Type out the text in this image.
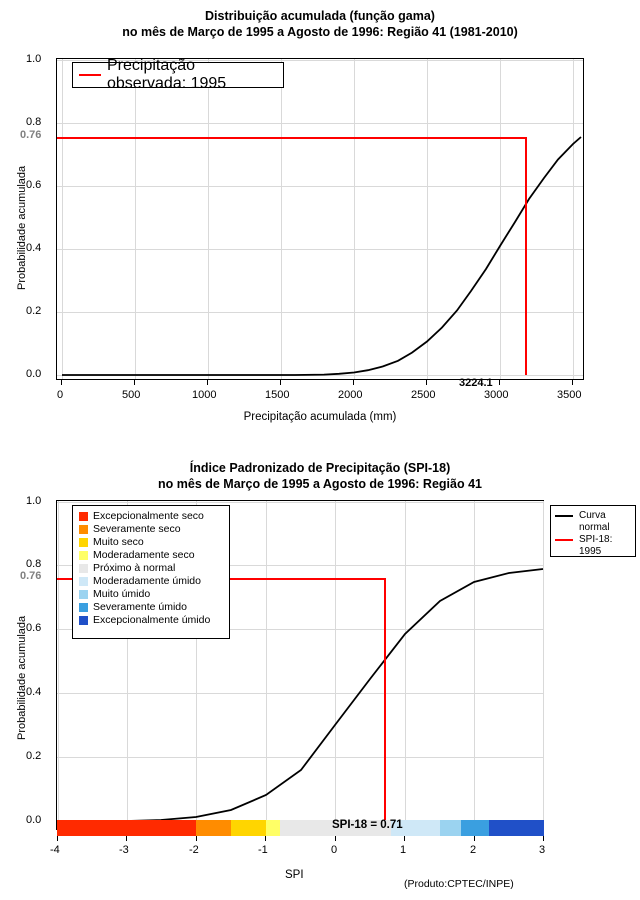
Distribuição acumulada (função gama)
no mês de Março de 1995 a Agosto de 1996: Região 41 (1981-2010)
Probabilidade acumulada
Precipitação observada: 1995
0.0
0.2
0.4
0.6
0.8
1.0
0.76
3224.1
0	500	1000	1500	2000	2500	3000	3500
Precipitação acumulada (mm)
Índice Padronizado de Precipitação (SPI-18)
no mês de Março de 1995 a Agosto de 1996: Região 41
Probabilidade acumulada
0.0
0.2
0.4
0.6
0.8
1.0
0.76
Excepcionalmente seco
Severamente seco
Muito seco
Moderadamente seco
Próximo à normal
Moderadamente úmido
Muito úmido
Severamente úmido
Excepcionalmente úmido
Curva
normal
SPI-18: 1995
SPI-18 = 0.71
-4	-3	-2	-1	0	1	2	3
SPI
(Produto:CPTEC/INPE)
